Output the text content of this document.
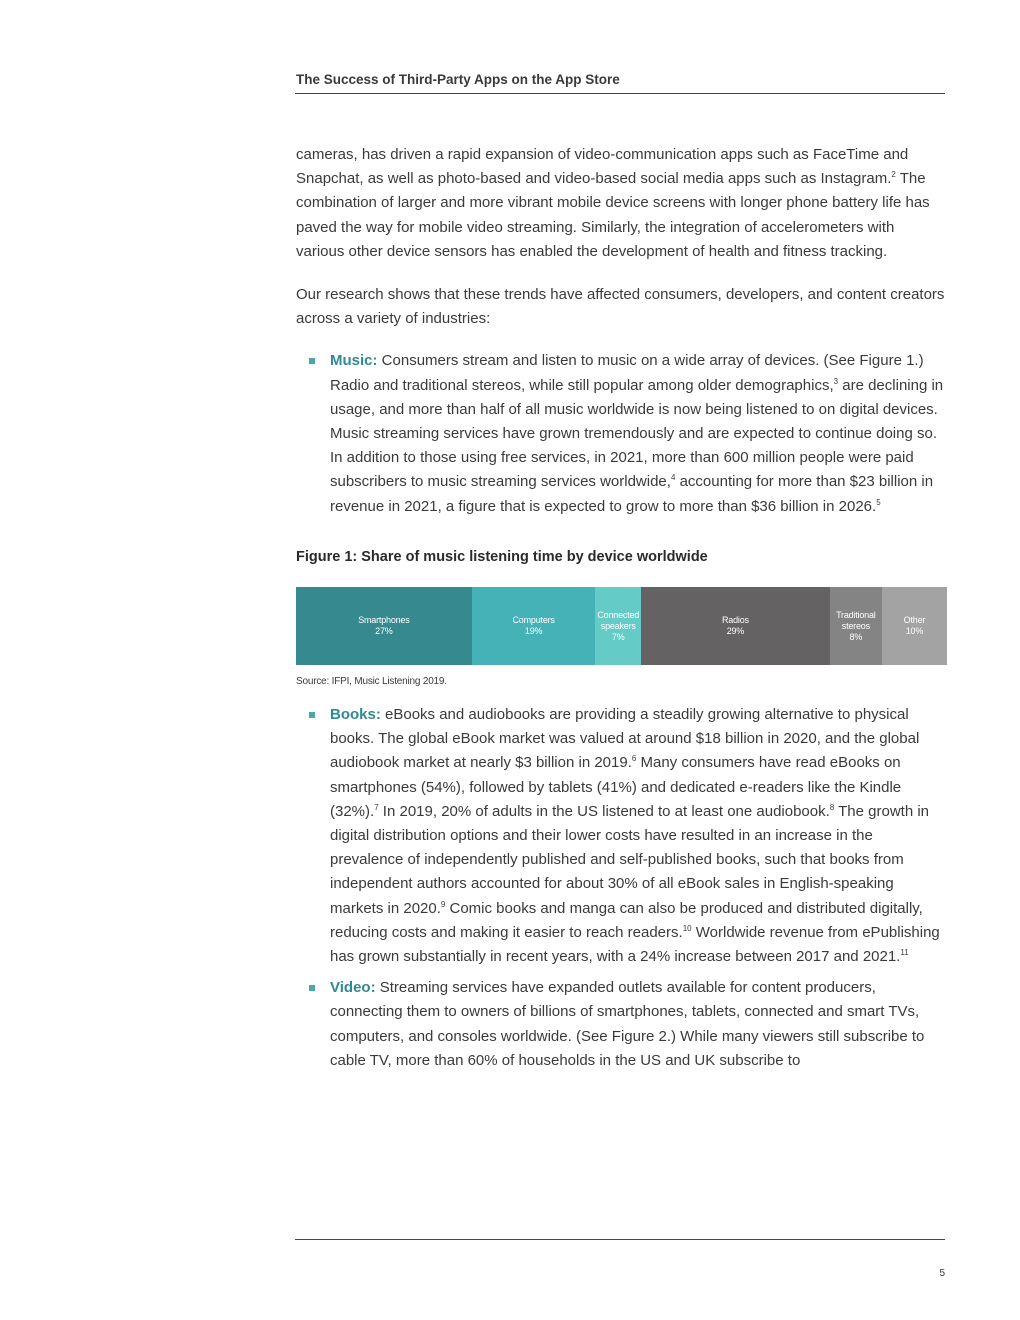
The Success of Third-Party Apps on the App Store

cameras, has driven a rapid expansion of video-communication apps such as FaceTime and Snapchat, as well as photo-based and video-based social media apps such as Instagram.$^2$ The combination of larger and more vibrant mobile device screens with longer phone battery life has paved the way for mobile video streaming. Similarly, the integration of accelerometers with various other device sensors has enabled the development of health and fitness tracking.

Our research shows that these trends have affected consumers, developers, and content creators across a variety of industries:

Music: Consumers stream and listen to music on a wide array of devices. (See Figure 1.) Radio and traditional stereos, while still popular among older demographics,$^3$ are declining in usage, and more than half of all music worldwide is now being listened to on digital devices. Music streaming services have grown tremendously and are expected to continue doing so. In addition to those using free services, in 2021, more than 600 million people were paid subscribers to music streaming services worldwide,$^4$ accounting for more than $23 billion in revenue in 2021, a figure that is expected to grow to more than $36 billion in 2026.$^5$
Figure 1: Share of music listening time by device worldwide
Smartphones
27%
Computers
19%
Connected
speakers
7%
Radios
29%
Traditional
stereos
8%
Other
10%
Source: IFPI, Music Listening 2019.
Books: eBooks and audiobooks are providing a steadily growing alternative to physical books. The global eBook market was valued at around $18 billion in 2020, and the global audiobook market at nearly $3 billion in 2019.$^6$ Many consumers have read eBooks on smartphones (54%), followed by tablets (41%) and dedicated e-readers like the Kindle (32%).$^7$ In 2019, 20% of adults in the US listened to at least one audiobook.$^8$ The growth in digital distribution options and their lower costs have resulted in an increase in the prevalence of independently published and self-published books, such that books from independent authors accounted for about 30% of all eBook sales in English-speaking markets in 2020.$^9$ Comic books and manga can also be produced and distributed digitally, reducing costs and making it easier to reach readers.$^{10}$ Worldwide revenue from ePublishing has grown substantially in recent years, with a 24% increase between 2017 and 2021.11
Video: Streaming services have expanded outlets available for content producers, connecting them to owners of billions of smartphones, tablets, connected and smart TVs, computers, and consoles worldwide. (See Figure 2.) While many viewers still subscribe to cable TV, more than 60% of households in the US and UK subscribe to
5
